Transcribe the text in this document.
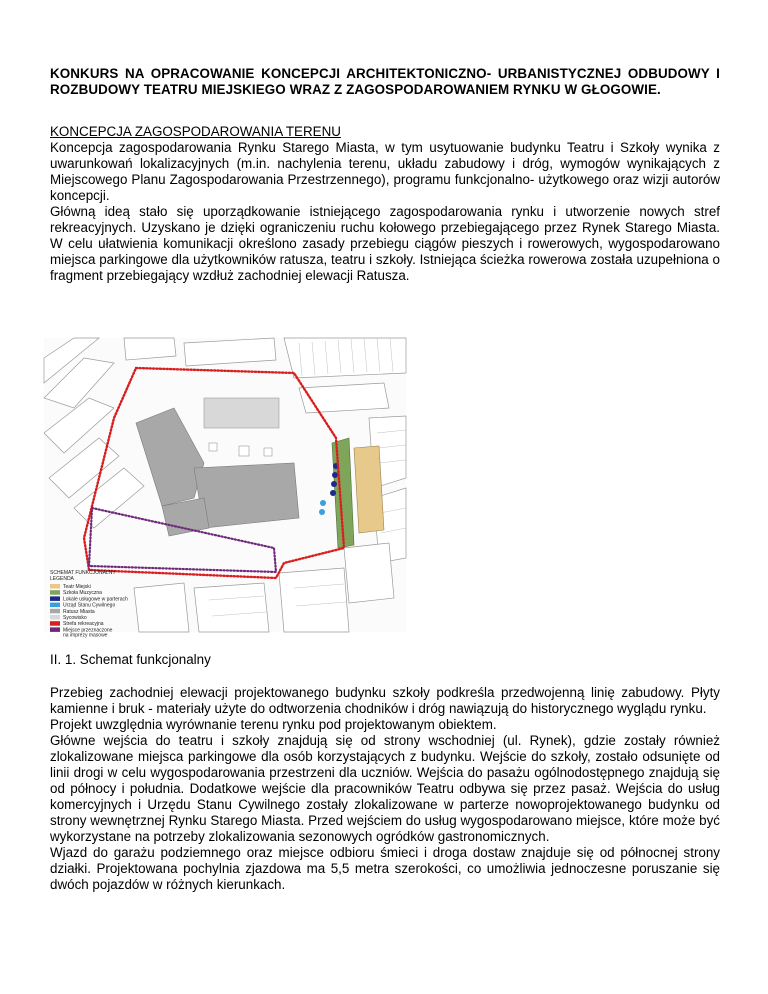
KONKURS NA OPRACOWANIE KONCEPCJI ARCHITEKTONICZNO- URBANISTYCZNEJ ODBUDOWY I ROZBUDOWY TEATRU MIEJSKIEGO WRAZ Z ZAGOSPODAROWANIEM RYNKU W GŁOGOWIE.
KONCEPCJA ZAGOSPODAROWANIA TERENU

Koncepcja zagospodarowania Rynku Starego Miasta, w tym usytuowanie budynku Teatru i Szkoły wynika z uwarunkowań lokalizacyjnych (m.in. nachylenia terenu, układu zabudowy i dróg, wymogów wynikających z Miejscowego Planu Zagospodarowania Przestrzennego), programu funkcjonalno- użytkowego oraz wizji autorów koncepcji.

Główną ideą stało się uporządkowanie istniejącego zagospodarowania rynku i utworzenie nowych stref rekreacyjnych. Uzyskano je dzięki ograniczeniu ruchu kołowego przebiegającego przez Rynek Starego Miasta. W celu ułatwienia komunikacji określono zasady przebiegu ciągów pieszych i rowerowych, wygospodarowano miejsca parkingowe dla użytkowników ratusza, teatru i szkoły. Istniejąca ścieżka rowerowa została uzupełniona o fragment przebiegający wzdłuż zachodniej elewacji Ratusza.

SCHEMAT FUNKCJONALNY
LEGENDA
Teatr Miejski
Szkoła Muzyczna
Lokale usługowe w parterach
Urząd Stanu Cywilnego
Ratusz Miasta
Sycowisko
Strefa rekreacyjna
Miejsce przeznaczone
na imprezy masowe
II. 1. Schemat funkcjonalny

Przebieg zachodniej elewacji projektowanego budynku szkoły podkreśla przedwojenną linię zabudowy. Płyty kamienne i bruk - materiały użyte do odtworzenia chodników i dróg nawiązują do historycznego wyglądu rynku.

Projekt uwzględnia wyrównanie terenu rynku pod projektowanym obiektem.

Główne wejścia do teatru i szkoły znajdują się od strony wschodniej (ul. Rynek), gdzie zostały również zlokalizowane miejsca parkingowe dla osób korzystających z budynku. Wejście do szkoły, zostało odsunięte od linii drogi w celu wygospodarowania przestrzeni dla uczniów. Wejścia do pasażu ogólnodostępnego znajdują się od północy i południa. Dodatkowe wejście dla pracowników Teatru odbywa się przez pasaż. Wejścia do usług komercyjnych i Urzędu Stanu Cywilnego zostały zlokalizowane w parterze nowoprojektowanego budynku od strony wewnętrznej Rynku Starego Miasta. Przed wejściem do usług wygospodarowano miejsce, które może być wykorzystane na potrzeby zlokalizowania sezonowych ogródków gastronomicznych.

Wjazd do garażu podziemnego oraz miejsce odbioru śmieci i droga dostaw znajduje się od północnej strony działki. Projektowana pochylnia zjazdowa ma 5,5 metra szerokości, co umożliwia jednoczesne poruszanie się dwóch pojazdów w różnych kierunkach.
